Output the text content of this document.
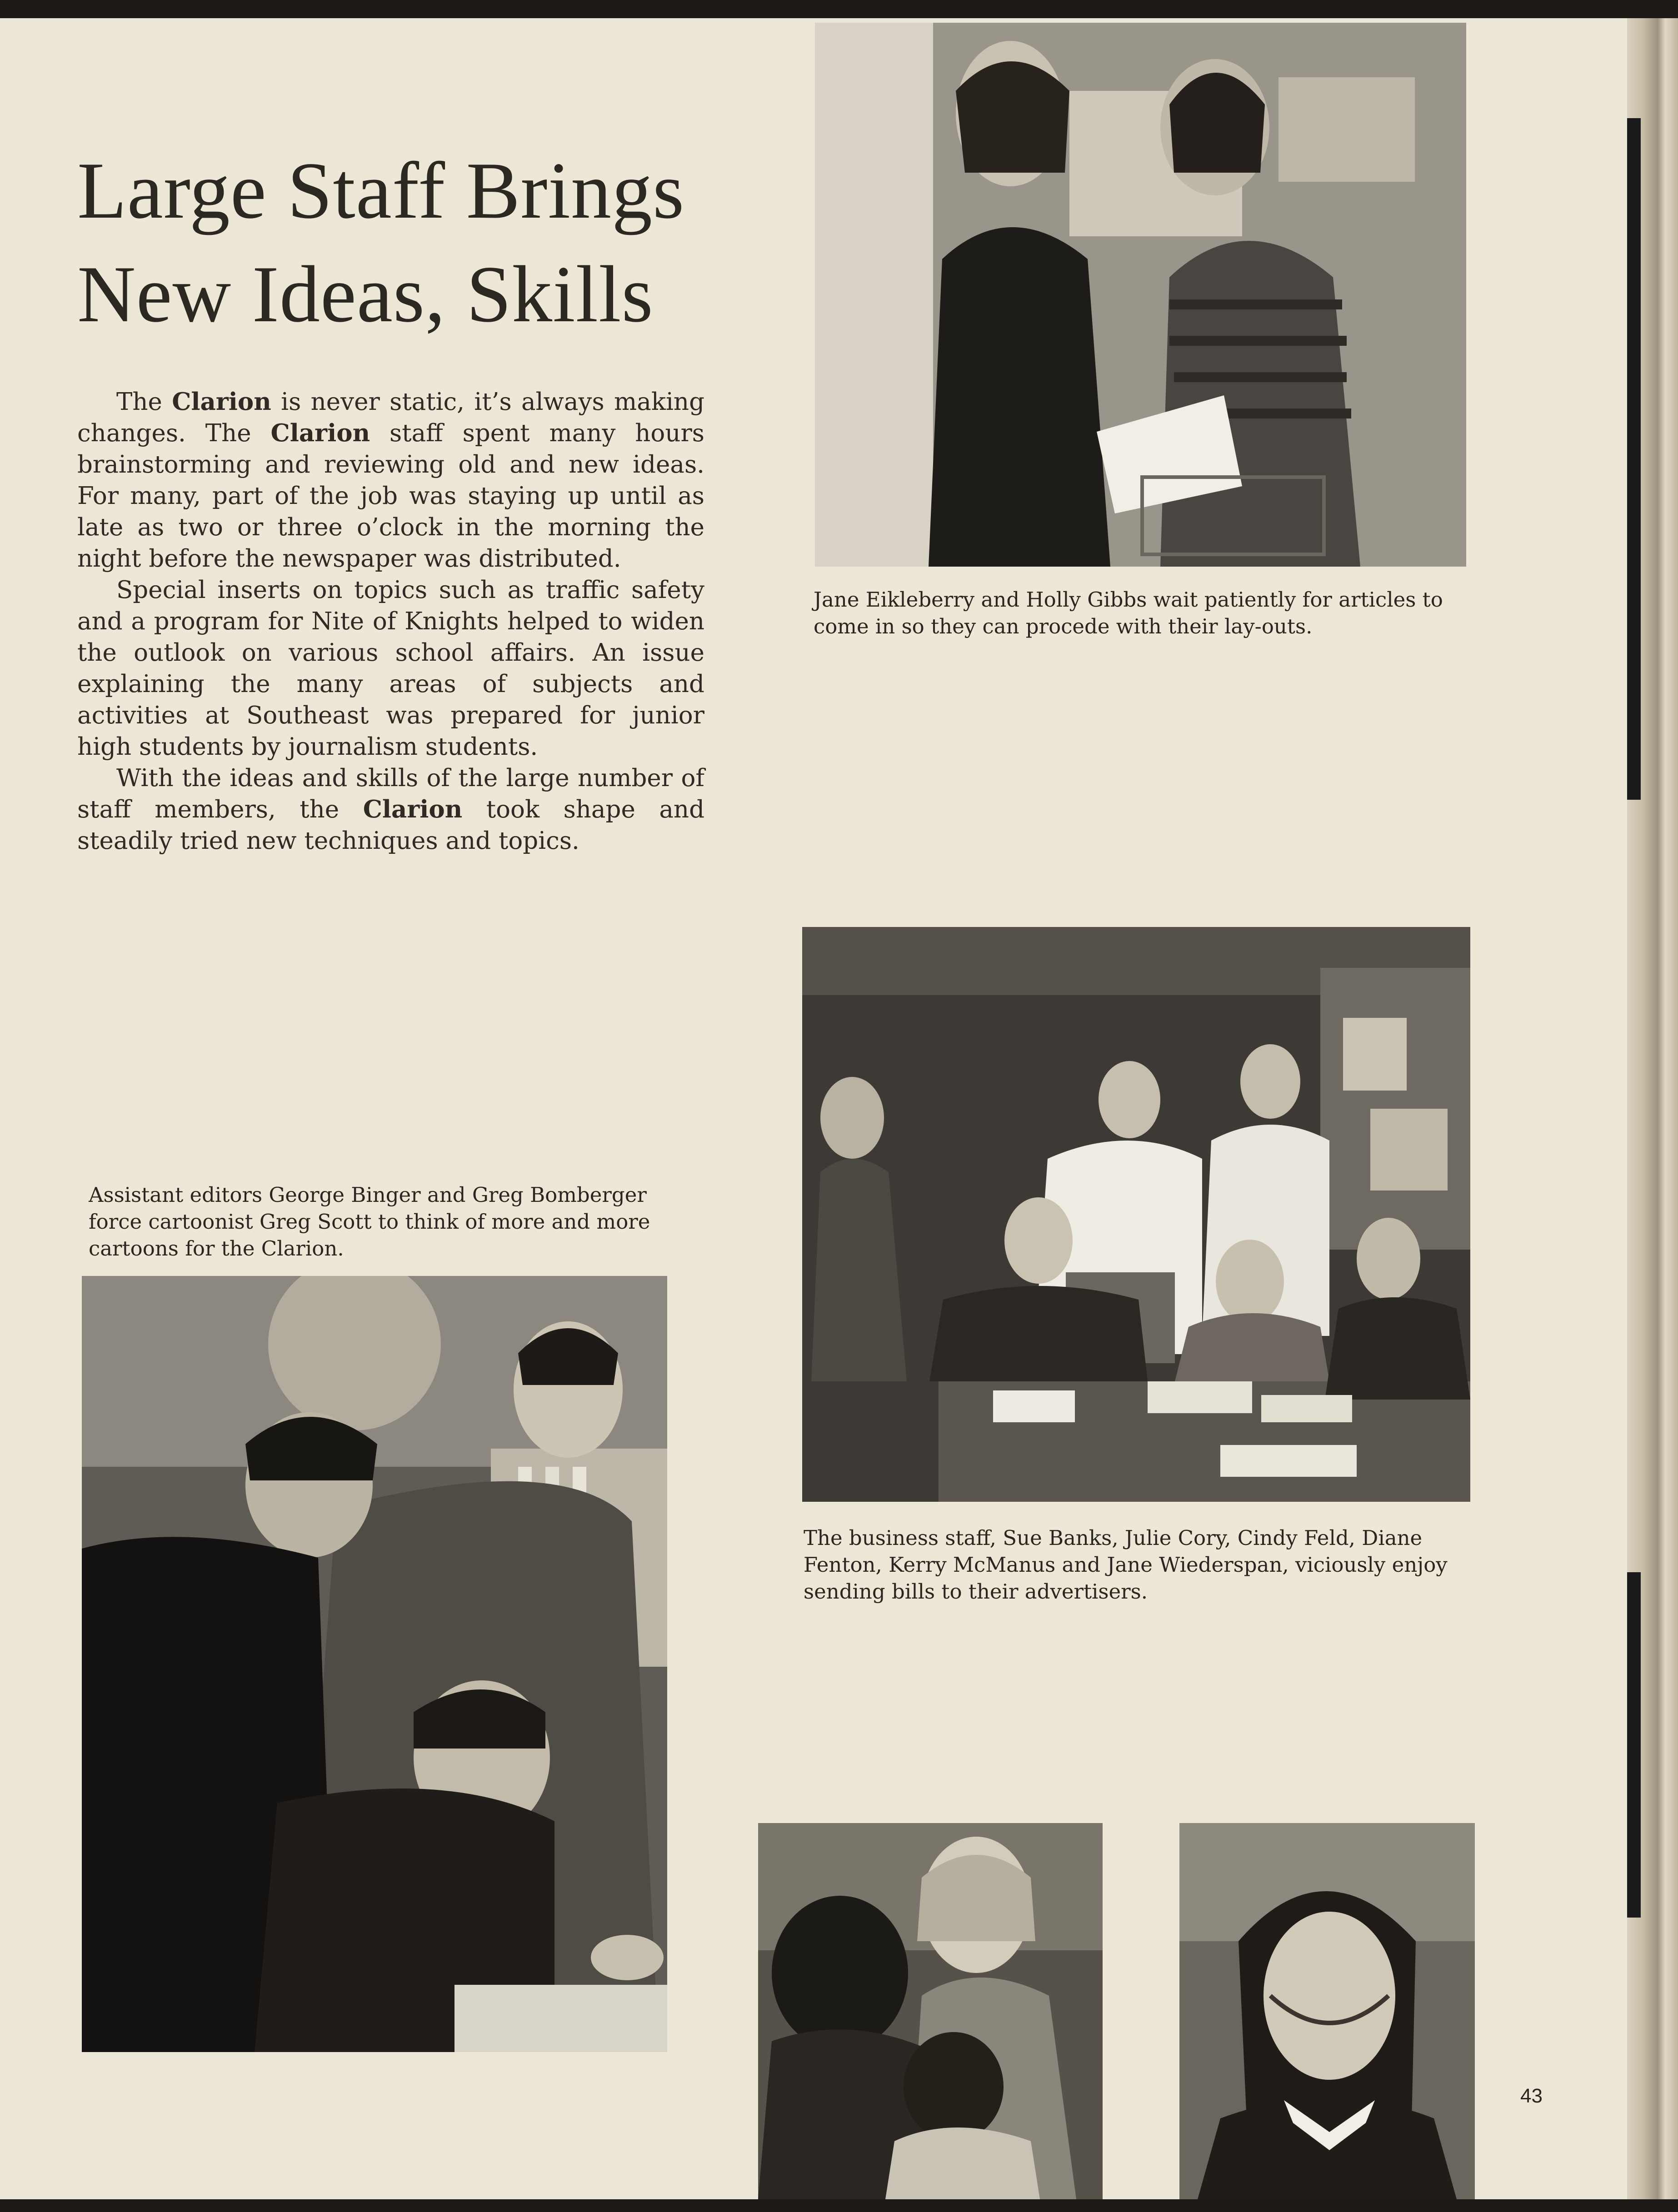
Large Staff Brings
New Ideas, Skills

The Clarion is never static, it’s always making changes. The Clarion staff spent many hours brainstorming and reviewing old and new ideas. For many, part of the job was staying up until as late as two or three o’clock in the morning the night before the newspaper was distributed.

Special inserts on topics such as traffic safety and a program for Nite of Knights helped to widen the outlook on various school affairs. An issue explaining the many areas of subjects and activities at Southeast was prepared for junior high students by journalism students.

With the ideas and skills of the large number of staff members, the Clarion took shape and steadily tried new techniques and topics.

Jane Eikleberry and Holly Gibbs wait patiently for articles to come in so they can procede with their lay-outs.

The business staff, Sue Banks, Julie Cory, Cindy Feld, Diane Fenton, Kerry McManus and Jane Wiederspan, viciously enjoy sending bills to their advertisers.

Assistant editors George Binger and Greg Bomberger force cartoonist Greg Scott to think of more and more cartoons for the Clarion.

43
